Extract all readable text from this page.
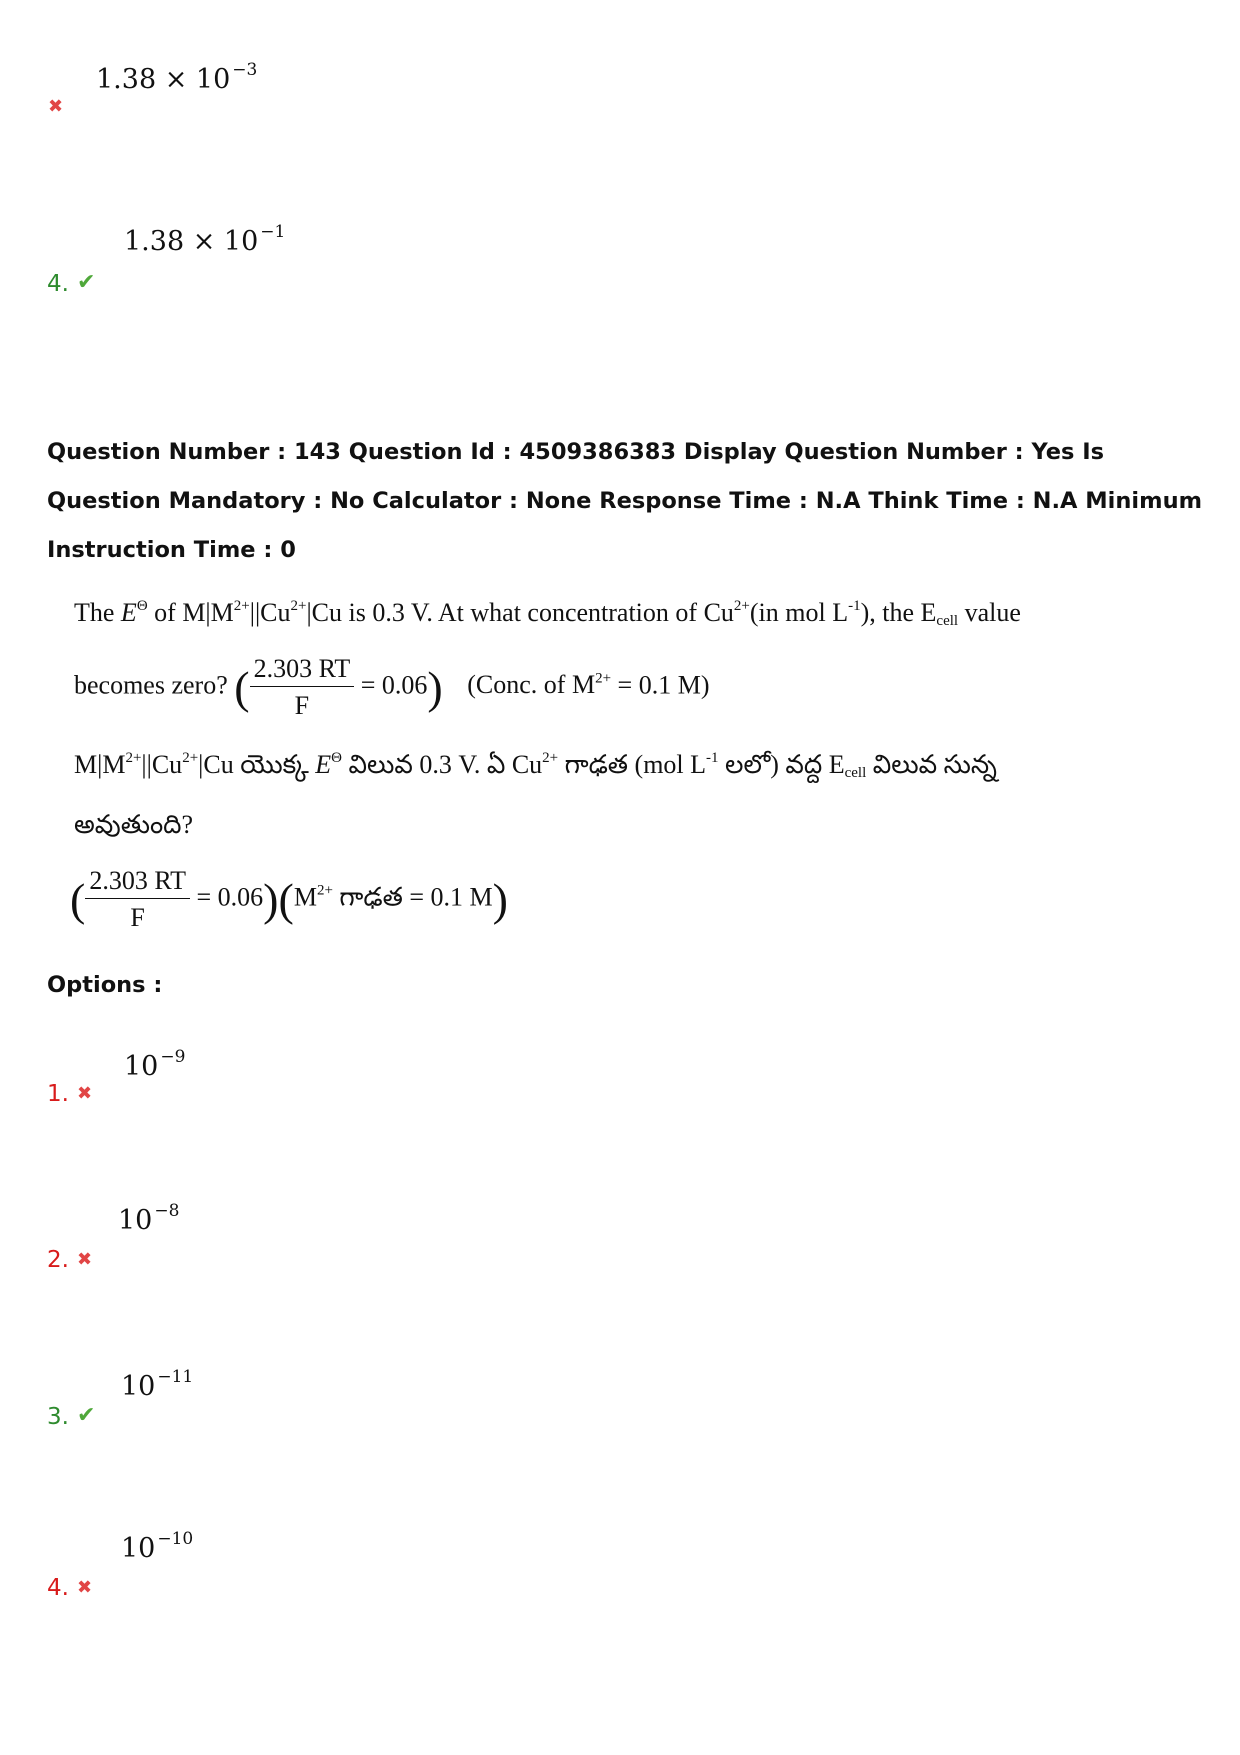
1.38 × 10 $^{-3}$
✖
1.38 × 10 $^{-1}$
4. ✔
Question Number : 143 Question Id : 4509386383 Display Question Number : Yes Is Question Mandatory : No Calculator : None Response Time : N.A Think Time : N.A Minimum Instruction Time : 0
The $E^\Theta$ of $M|M^{2+}||Cu^{2+}|Cu$ is 0.3 V. At what concentration of $Cu^{2+}(in$ mol $L^{-1}$), the $E_{cell}$ value
becomes zero? ( $\frac{2.303 RT}{F} = 0.06$) (Conc. of $M^{2+} = 0.1$ M)
$M|M^{2+}||Cu^{2+}|Cu$ యొక్క $E^\Theta$ విలువ 0.3 V. ఏ $Cu^{2+}$ గాఢత (mol $L^{-1}$ లలో) వద్ద $E_{cell}$ విలువ సున్న
అవుతుంది?
( $\frac{2.303 RT}{F} = 0.06)(M^{2+}$ గాఢత = 0.1 M)
Options :
10 $^{-9}$
1. ✖
10 $^{-8}$
2. ✖
10 $^{-11}$
3. ✔
10 $^{-10}$
4. ✖
